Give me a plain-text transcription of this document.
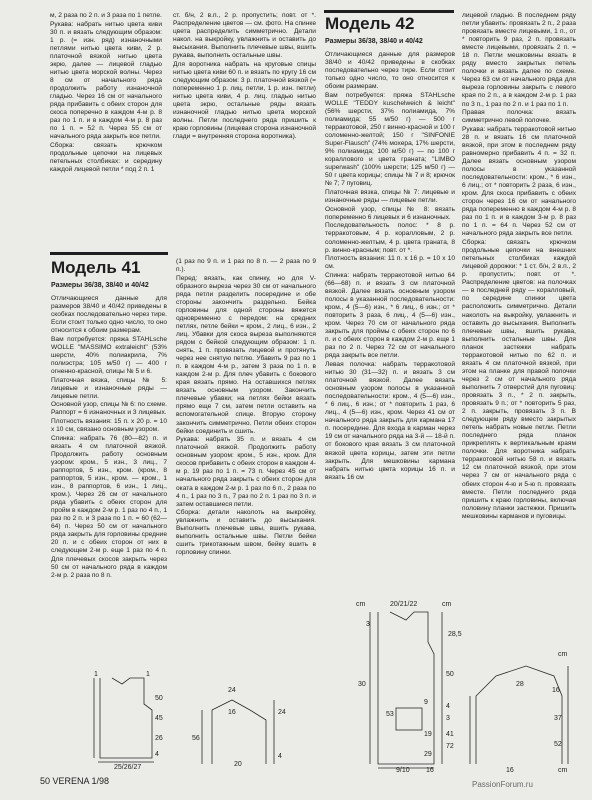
м, 2 раза по 2 п. и 3 раза по 1 петле.

Рукава: набрать нитью цвета киви 30 п. и вязать следующим образом: 1 р. (= изн. ряд) изнаночными петлями нитью цвета киви, 2 р. платочной вязкой нитью цвета экрю, далее — лицевой гладью нитью цвета морской волны. Через 8 см от начального ряда продолжить работу изнаночной гладью. Через 16 см от начального ряда прибавить с обеих сторон для скоса поперечно в каждом 4-м р. 8 раз по 1 п. и в каждом 4-м р. 8 раз по 1 п. = 52 п. Через 55 см от начального ряда закрыть все петли.

Сборка: связать крючком продольные цепочки на лицевых петельных столбиках: и середину каждой лицевой петли * под 2 п. 1

ст. б/н, 2 в.п., 2 р. пропустить; повт. от *. Распределение цветов — см. фото. На спинке цвета распределить симметрично. Детали накол. на выкройку, увлажнить и оставить до высыхания. Выполнить плечевые швы, вшить рукава, выполнить остальные швы.

Для воротника набрать на круговые спицы нитью цвета киви 60 п. и вязать по кругу 16 см следующим образом: 3 р. платочной вязкой (= попеременно 1 р. лиц. петли, 1 р. изн. петли) нитью цвета киви, 4 р. лиц. гладью нитью цвета экрю, остальные ряды вязать изнаночной гладью нитью цвета морской волны. Петли последнего ряда пришить к краю горловины (лицевая сторона изнаночной глади = внутренняя сторона воротника).

Модель 42
Размеры 36/38, 38/40 и 40/42

Отличающиеся данные для размеров 38/40 и 40/42 приведены в скобках последовательно через тире. Если стоит только одно число, то оно относится к обоим размерам.

Вам потребуется: пряжа STAHLsche WOLLE "TEDDY kuschelweich & leicht" (56% шерсти, 37% полиамида, 7% полиамида; 55 м/50 г) — 500 г терракотовой, 250 г винно-красной и 100 г соломенно-желтой; 150 г "SINFONIE Super-Flausch" (74% мохера, 17% шерсти, 9% полиамида; 100 м/50 г) — по 100 г кораллового и цвета граната; "LIMBO superwash" (100% шерсти; 125 м/50 г) — 50 г цвета корицы; спицы № 7 и 8; крючок № 7; 7 пуговиц.

Платочная вязка, спицы № 7: лицевые и изнаночные ряды — лицевые петли.

Основной узор, спицы № 8: вязать попеременно 6 лицевых и 6 изнаночных.

Последовательность полос: * 8 р. терракотовым, 4 р. коралловым, 2 р. соломенно-желтым, 4 р. цвета граната, 8 р. винно-красным; повт. от *.

Плотность вязания: 11 п. х 16 р. = 10 х 10 см.

Спинка: набрать терракотовой нитью 64 (66—68) п. и вязать 3 см платочной вязкой. Далее вязать основным узором полосы в указанной последовательности: кром., 4 (5—6) изн., * 6 лиц., 6 изн.; от * повторить 3 раза, 6 лиц., 4 (5—6) изн., кром. Через 70 см от начального ряда закрыть для проймы с обеих сторон по 6 п. и с обеих сторон в каждом 2-м р. еще 1 раз по 2 п. Через 72 см от начального ряда закрыть все петли.

Левая полочка: набрать терракотовой нитью 30 (31—32) п. и вязать 3 см платочной вязкой. Далее вязать основным узором полосы в указанной последовательности: кром., 4 (5—6) изн., * 6 лиц., 6 изн.; от * повторить 1 раз, 6 лиц., 4 (5—6) изн., кром. Через 41 см от начального ряда закрыть для кармана 17 п. посередине. Для входа в карман через 19 см от начального ряда на 3-й — 18-й п. от бокового края вязать 3 см платочной вязкой цвета корицы, затем эти петли закрыть. Для мешковины кармана набрать нитью цвета корицы 16 п. и вязать 16 см

лицевой гладью. В последнем ряду петли убавить: провязать 2 п., 2 раза провязать вместе лицевыми, 1 п., от * повторить 9 раз, 2 п. провязать вместе лицевыми, провязать 2 п. = 18 п. Петли мешковины вязать в ряду вместо закрытых петель полочки и вязать далее по схеме. Через 63 см от начального ряда для выреза горловины закрыть с левого края по 2 п., а в каждом 2-м р. 1 раз по 3 п., 1 раз по 2 п. и 1 раз по 1 п.

Правая полочка: вязать симметрично левой полочке.

Рукава: набрать терракотовой нитью 28 п. и вязать 16 см платочной вязкой, при этом в последнем ряду равномерно прибавить 4 п. = 32 п. Далее вязать основным узором полосы в указанной последовательности: кром., * 6 изн., 6 лиц.; от * повторить 2 раза, 6 изн., кром. Для скоса прибавить с обеих сторон через 16 см от начального ряда попеременно в каждом 4-м р. 8 раз по 1 п. и в каждом 3-м р. 8 раз по 1 п. = 64 п. Через 52 см от начального ряда закрыть все петли.

Сборка: связать крючком продольные цепочки на внешних петельных столбиках каждой лицевой дорожки: * 1 ст. б/н, 2 в.п., 2 р. пропустить; повт. от *. Распределение цветов: на полочках — в последней ряду — коралловый, по середине спинки цвета расположить симметрично. Детали наколоть на выкройку, увлажнить и оставить до высыхания. Выполнить плечевые швы, вшить рукава, выполнить остальные швы. Для планок застежки набрать терракотовой нитью по 62 п. и вязать 4 см платочной вязкой, при этом на планке для правой полочки через 2 см от начального ряда выполнить 7 отверстий для пуговиц: провязать 3 п., * 2 п. закрыть, провязать 9 п.; от * повторить 5 раз, 2 п. закрыть, провязать 3 п. В следующем ряду вместо закрытых петель набрать новые петли. Петли последнего ряда планок прикреплять к вертикальным краям полочки. Для воротника набрать терракотовой нитью 58 п. и вязать 12 см платочной вязкой, при этом через 7 см от начального ряда с обеих сторон 4-ю и 5-ю п. провязать вместе. Петли последнего ряда пришить к краю горловины, включая половину планки застежки. Пришить мешковины карманов и пуговицы.

Модель 41
Размеры 36/38, 38/40 и 40/42

Отличающиеся данные для размеров 38/40 и 40/42 приведены в скобках последовательно через тире. Если стоит только одно число, то оно относится к обоим размерам.

Вам потребуется: пряжа STAHLsche WOLLE "MASSIMO extraleicht" (53% шерсти, 40% полиакрила, 7% полиэстра; 105 м/50 г) — 400 г огненно-красной, спицы № 5 и 6.

Платочная вязка, спицы № 5: лицевые и изнаночные ряды — лицевые петли.

Основной узор, спицы № 6: по схеме. Раппорт = 6 изнаночных и 3 лицевых.

Плотность вязания: 15 п. х 20 р. = 10 х 10 см, связано основным узором.

Спинка: набрать 76 (80—82) п. и вязать 4 см платочной вязкой. Продолжить работу основным узором: кром., 5 изн., 3 лиц., 7 раппортов, 5 изн., кром. (кром., 8 раппортов, 5 изн., кром. — кром., 1 изн., 8 раппортов, 6 изн., 1 лиц., кром.). Через 26 см от начального ряда убавить с обеих сторон для пройм в каждом 2-м р. 1 раз по 4 п., 1 раз по 2 п. и 3 раза по 1 п. = 60 (62—64) п. Через 50 см от начального ряда закрыть для горловины средние 20 п. и с обеих сторон от них в следующем 2-м р. еще 1 раз по 4 п. Для плечевых скосов закрыть через 50 см от начального ряда в каждом 2-м р. 2 раза по 8 п.

(1 раз по 9 п. и 1 раз по 8 п. — 2 раза по 9 п.).

Перед: вязать, как спинку, но для V-образного выреза через 30 см от начального ряда петли разделить посередине и обе стороны закончить раздельно. Бейка горловины для одной стороны вяжется одновременно с передом: на средних петлях, петле бейки = кром., 2 лиц., 6 изн., 2 лиц. Убавки для скоса выреза выполняются рядом с бейкой следующим образом: 1 п. снять, 1 п. провязать лицевой и протянуть через нее снятую петлю. Убавить 9 раз по 1 п. в каждом 4-м р., затем 3 раза по 1 п. в каждом 2-м р. Для плеч убавить с бокового края вязать прямо. На оставшихся петлях вязать основным узором. Закончить плечевые убавки; на петлях бейки вязать прямо еще 7 см, затем петли оставить на вспомогательной спице. Вторую сторону закончить симметрично. Петли обеих сторон бейки соединить и сшить.

Рукава: набрать 35 п. и вязать 4 см платочной вязкой. Продолжить работу основным узором: кром., 5 изн., кром. Для скосов прибавить с обеих сторон в каждом 4-м р. 19 раз по 1 п. = 73 п. Через 45 см от начального ряда закрыть с обеих сторон для оката в каждом 2-м р. 1 раз по 6 п., 2 раза по 4 п., 1 раз по 3 п., 7 раз по 2 п. 1 раз по 3 п. и затем оставшиеся петли.

Сборка: детали наколоть на выкройку, увлажнить и оставить до высыхания. Выполнить плечевые швы, вшить рукава, выполнить остальные швы. Петли бейки сшить трикотажным швом, бейку вшить в горловину спинки.

1	1
25/26/27
26
45
50
4
24
56
16
20
24
4
cm	cm
20/21/22
3
9/10 16
30
50
28,5
53
4
3
41
72
9
19
29
cm
28
16
37
52
16	cm
50 VERENA 1/98	PassionForum.ru
